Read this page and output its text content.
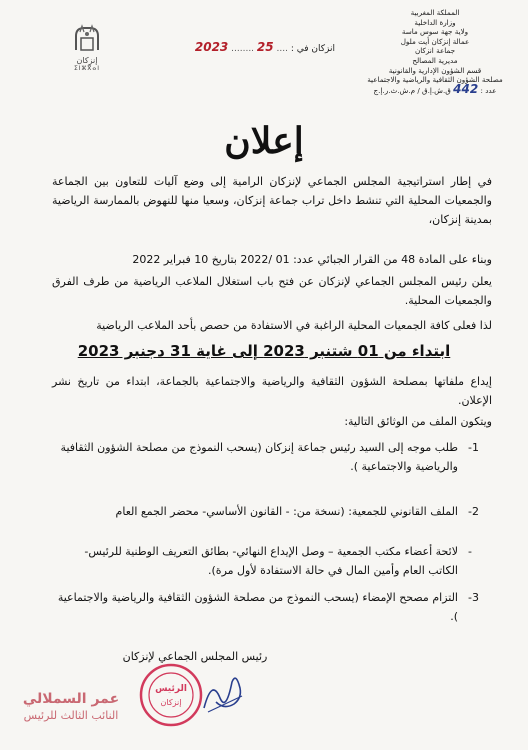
المملكة المغربية
وزارة الداخلية
ولاية جهة سوس ماسة
عمالة إنزكان أيت ملول
جماعة انزكان
مديرية المصالح
قسم الشؤون الإدارية والقانونية
مصلحة الشؤون الثقافية والرياضية والاجتماعية
عدد : 442 ق.ش.إ.ق / م.ش.ث.ر.إ.ج
إنزكان
ⵉⵏⵣⴳⴰⵏ
انزكان في : .... 25 ........ 2023
إعلان
في إطار استراتيجية المجلس الجماعي لإنزكان الرامية إلى وضع آليات للتعاون بين الجماعة والجمعيات المحلية التي تنشط داخل تراب جماعة إنزكان، وسعيا منها للنهوض بالممارسة الرياضية بمدينة إنزكان،
وبناء على المادة 48 من القرار الجبائي عدد: 01 /2022 بتاريخ 10 فبراير 2022
يعلن رئيس المجلس الجماعي لإنزكان عن فتح باب استغلال الملاعب الرياضية من طرف الفرق والجمعيات المحلية.
لذا فعلى كافة الجمعيات المحلية الراغبة في الاستفادة من حصص بأحد الملاعب الرياضية
ابتداء من 01 شتنبر 2023 إلى غاية 31 دجنبر 2023
إيداع ملفاتها بمصلحة الشؤون الثقافية والرياضية والاجتماعية بالجماعة، ابتداء من تاريخ نشر الإعلان.
ويتكون الملف من الوثائق التالية:
1-
طلب موجه إلى السيد رئيس جماعة إنزكان (يسحب النموذج من مصلحة الشؤون الثقافية والرياضية والاجتماعية ).
2-
الملف القانوني للجمعية: (نسخة من: - القانون الأساسي- محضر الجمع العام
-
لائحة أعضاء مكتب الجمعية – وصل الإيداع النهائي- بطائق التعريف الوطنية للرئيس- الكاتب العام وأمين المال في حالة الاستفادة لأول مرة).
3-
التزام مصحح الإمضاء (يسحب النموذج من مصلحة الشؤون الثقافية والرياضية والاجتماعية ).
رئيس المجلس الجماعي لإنزكان
الرئيس
إنزكان
عمر السملالي
النائب الثالث للرئيس
